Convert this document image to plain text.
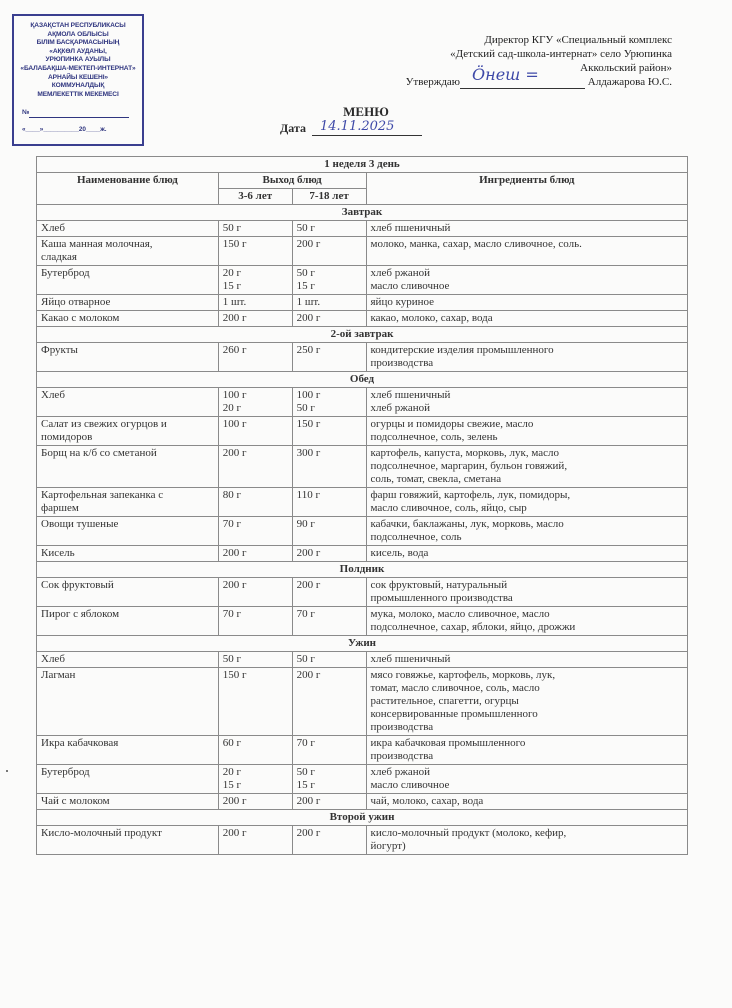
ҚАЗАҚСТАН РЕСПУБЛИКАСЫ
АҚМОЛА ОБЛЫСЫ
БІЛІМ БАСҚАРМАСЫНЫҢ
«АҚКӨЛ АУДАНЫ,
УРЮПИНКА АУЫЛЫ
«БАЛАБАҚША-МЕКТЕП-ИНТЕРНАТ»
АРНАЙЫ КЕШЕНІ»
КОММУНАЛДЫҚ
МЕМЛЕКЕТТІК МЕКЕМЕСІ
№
«____»__________20____ж.
Директор КГУ «Специальный комплекс
«Детский сад-школа-интернат» село Урюпинка
Аккольский район»
Утверждаю Ӧнеш =	Алдажарова Ю.С.
МЕНЮ
Дата 14.11.2025
1 неделя 3 день			
Наименование блюд	Выход блюд		Ингредиенты блюд
	3-6 лет	7-18 лет	
Завтрак			
Хлеб	50 г	50 г	хлеб пшеничный
Каша манная молочная,
сладкая	150 г	200 г	молоко, манка, сахар, масло сливочное, соль.
Бутерброд	20 г
15 г	50 г
15 г	хлеб ржаной
масло сливочное
Яйцо отварное	1 шт.	1 шт.	яйцо куриное
Какао с молоком	200 г	200 г	какао, молоко, сахар, вода
2-ой завтрак			
Фрукты	260 г	250 г	кондитерские изделия промышленного
производства
Обед			
Хлеб	100 г
20 г	100 г
50 г	хлеб пшеничный
хлеб ржаной
Салат из свежих огурцов и
помидоров	100 г	150 г	огурцы и помидоры свежие, масло
подсолнечное, соль, зелень
Борщ на к/б со сметаной	200 г	300 г	картофель, капуста, морковь, лук, масло
подсолнечное, маргарин, бульон говяжий,
соль, томат, свекла, сметана
Картофельная запеканка с
фаршем	80 г	110 г	фарш говяжий, картофель, лук, помидоры,
масло сливочное, соль, яйцо, сыр
Овощи тушеные	70 г	90 г	кабачки, баклажаны, лук, морковь, масло
подсолнечное, соль
Кисель	200 г	200 г	кисель, вода
Полдник			
Сок фруктовый	200 г	200 г	сок фруктовый, натуральный
промышленного производства
Пирог с яблоком	70 г	70 г	мука, молоко, масло сливочное, масло
подсолнечное, сахар, яблоки, яйцо, дрожжи
Ужин			
Хлеб	50 г	50 г	хлеб пшеничный
Лагман	150 г	200 г	мясо говяжье, картофель, морковь, лук,
томат, масло сливочное, соль, масло
растительное, спагетти, огурцы
консервированные промышленного
производства
Икра кабачковая	60 г	70 г	икра кабачковая промышленного
производства
Бутерброд	20 г
15 г	50 г
15 г	хлеб ржаной
масло сливочное
Чай с молоком	200 г	200 г	чай, молоко, сахар, вода
Второй ужин			
Кисло-молочный продукт	200 г	200 г	кисло-молочный продукт (молоко, кефир,
йогурт)
